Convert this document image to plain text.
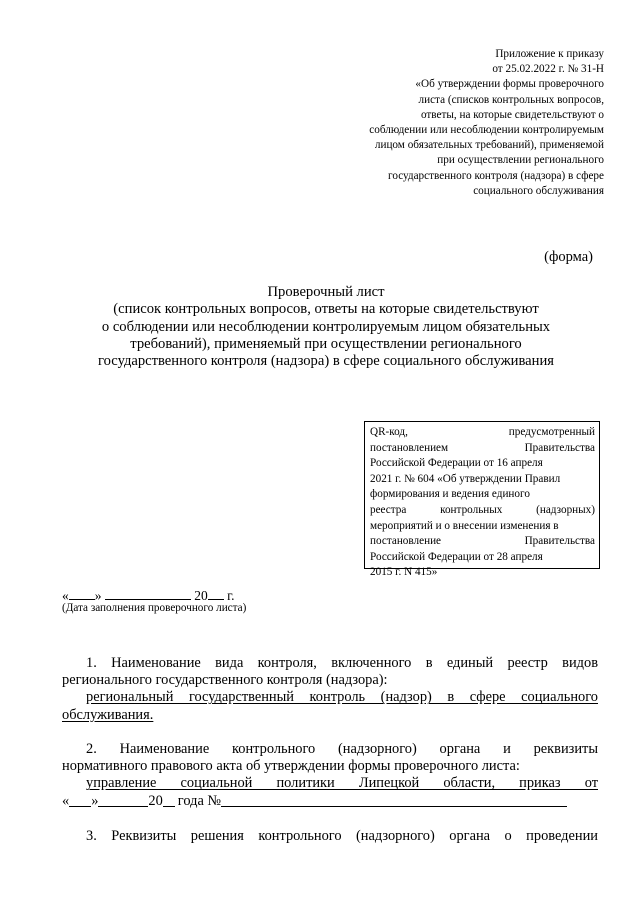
Приложение к приказу
от 25.02.2022 г. № 31-Н
«Об утверждении формы проверочного
листа (списков контрольных вопросов,
ответы, на которые свидетельствуют о
соблюдении или несоблюдении контролируемым
лицом обязательных требований), применяемой
при осуществлении регионального
государственного контроля (надзора) в сфере
социального обслуживания
(форма)
Проверочный лист
(список контрольных вопросов, ответы на которые свидетельствуют
о соблюдении или несоблюдении контролируемым лицом обязательных
требований), применяемый при осуществлении регионального
государственного контроля (надзора) в сфере социального обслуживания
QR-код,	предусмотренный
постановлением	Правительства
Российской Федерации от 16 апреля
2021 г. № 604 «Об утверждении Правил
формирования и ведения единого
реестра	контрольных	(надзорных)
мероприятий и о внесении изменения в
постановление	Правительства
Российской Федерации от 28 апреля
2015 г. N 415»
« »	20 г.
(Дата заполнения проверочного листа)
1. Наименование вида контроля, включенного в единый реестр видов
регионального государственного контроля (надзора):
региональный государственный контроль (надзор) в сфере социального
обслуживания.
2. Наименование контрольного (надзорного) органа и реквизиты
нормативного правового акта об утверждении формы проверочного листа:
управление социальной политики Липецкой области, приказ от
« »	20 года №
3. Реквизиты решения контрольного (надзорного) органа о проведении
